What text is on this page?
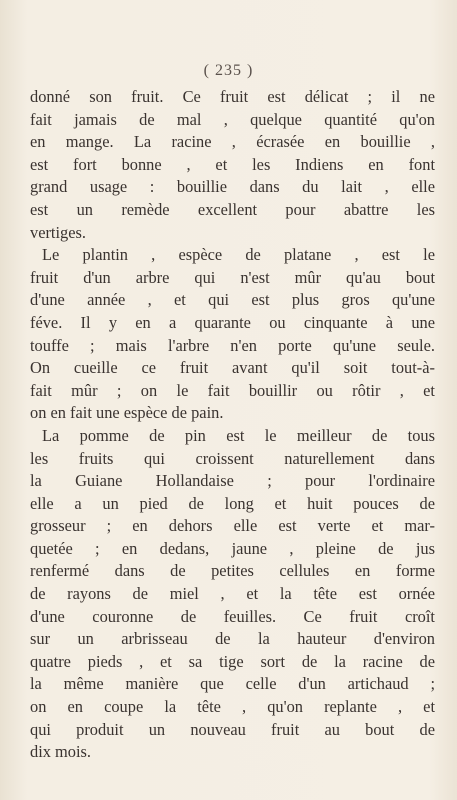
( 235 )
donné son fruit. Ce fruit est délicat ; il ne
fait jamais de mal , quelque quantité qu'on
en mange. La racine , écrasée en bouillie ,
est fort bonne , et les Indiens en font
grand usage : bouillie dans du lait , elle
est un remède excellent pour abattre les
vertiges.
Le plantin , espèce de platane , est le
fruit d'un arbre qui n'est mûr qu'au bout
d'une année , et qui est plus gros qu'une
féve. Il y en a quarante ou cinquante à une
touffe ; mais l'arbre n'en porte qu'une seule.
On cueille ce fruit avant qu'il soit tout-à-
fait mûr ; on le fait bouillir ou rôtir , et
on en fait une espèce de pain.
La pomme de pin est le meilleur de tous
les fruits qui croissent naturellement dans
la Guiane Hollandaise ; pour l'ordinaire
elle a un pied de long et huit pouces de
grosseur ; en dehors elle est verte et mar-
quetée ; en dedans, jaune , pleine de jus
renfermé dans de petites cellules en forme
de rayons de miel , et la tête est ornée
d'une couronne de feuilles. Ce fruit croît
sur un arbrisseau de la hauteur d'environ
quatre pieds , et sa tige sort de la racine de
la même manière que celle d'un artichaud ;
on en coupe la tête , qu'on replante , et
qui produit un nouveau fruit au bout de
dix mois.
